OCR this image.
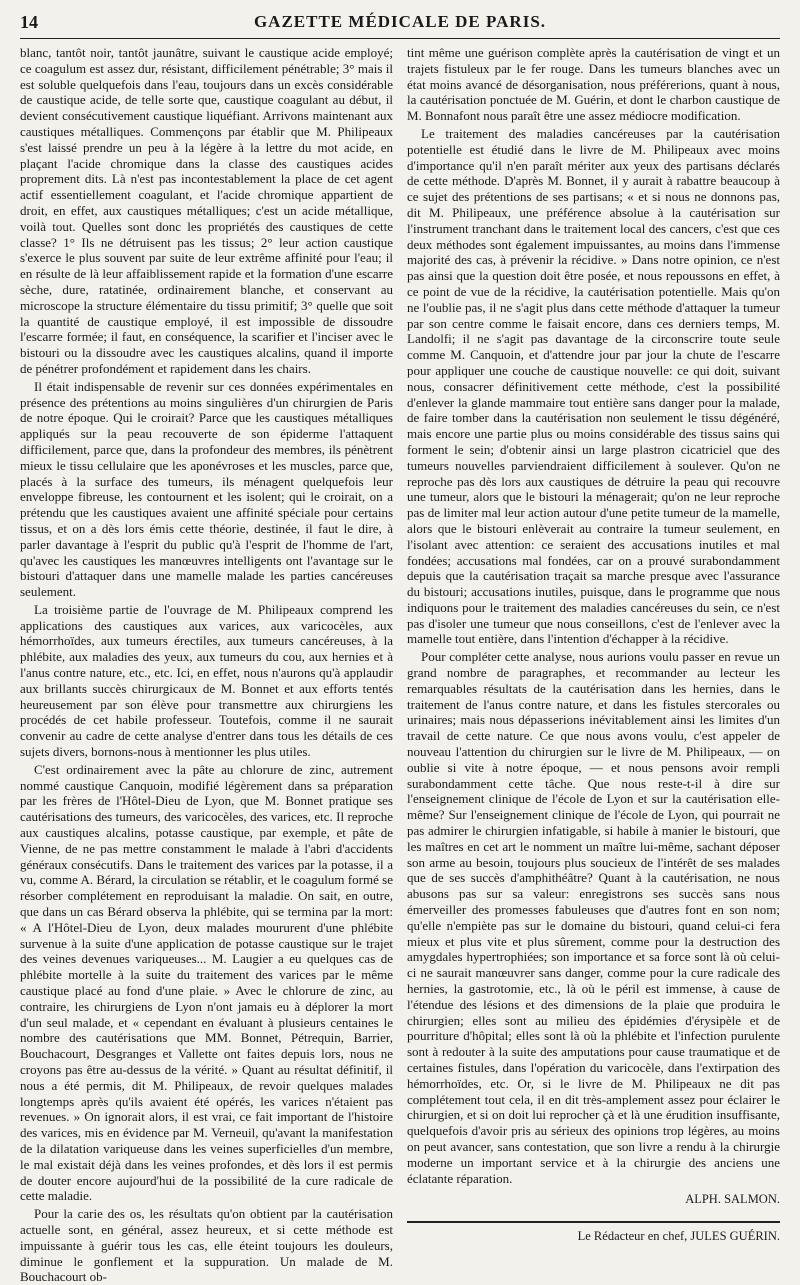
14	GAZETTE MÉDICALE DE PARIS.

blanc, tantôt noir, tantôt jaunâtre, suivant le caustique acide employé; ce coagulum est assez dur, résistant, difficilement pénétrable; 3° mais il est soluble quelquefois dans l'eau, toujours dans un excès considérable de caustique acide, de telle sorte que, caustique coagulant au début, il devient consécutivement caustique liquéfiant. Arrivons maintenant aux caustiques métalliques. Commençons par établir que M. Philipeaux s'est laissé prendre un peu à la légère à la lettre du mot acide, en plaçant l'acide chromique dans la classe des caustiques acides proprement dits. Là n'est pas incontestablement la place de cet agent actif essentiellement coagulant, et l'acide chromique appartient de droit, en effet, aux caustiques métalliques; c'est un acide métallique, voilà tout. Quelles sont donc les propriétés des caustiques de cette classe? 1° Ils ne détruisent pas les tissus; 2° leur action caustique s'exerce le plus souvent par suite de leur extrême affinité pour l'eau; il en résulte de là leur affaiblissement rapide et la formation d'une escarre sèche, dure, ratatinée, ordinairement blanche, et conservant au microscope la structure élémentaire du tissu primitif; 3° quelle que soit la quantité de caustique employé, il est impossible de dissoudre l'escarre formée; il faut, en conséquence, la scarifier et l'inciser avec le bistouri ou la dissoudre avec les caustiques alcalins, quand il importe de pénétrer profondément et rapidement dans les chairs.

Il était indispensable de revenir sur ces données expérimentales en présence des prétentions au moins singulières d'un chirurgien de Paris de notre époque. Qui le croirait? Parce que les caustiques métalliques appliqués sur la peau recouverte de son épiderme l'attaquent difficilement, parce que, dans la profondeur des membres, ils pénètrent mieux le tissu cellulaire que les aponévroses et les muscles, parce que, placés à la surface des tumeurs, ils ménagent quelquefois leur enveloppe fibreuse, les contournent et les isolent; qui le croirait, on a prétendu que les caustiques avaient une affinité spéciale pour certains tissus, et on a dès lors émis cette théorie, destinée, il faut le dire, à parler davantage à l'esprit du public qu'à l'esprit de l'homme de l'art, qu'avec les caustiques les manœuvres intelligents ont l'avantage sur le bistouri d'attaquer dans une mamelle malade les parties cancéreuses seulement.

La troisième partie de l'ouvrage de M. Philipeaux comprend les applications des caustiques aux varices, aux varicocèles, aux hémorrhoïdes, aux tumeurs érectiles, aux tumeurs cancéreuses, à la phlébite, aux maladies des yeux, aux tumeurs du cou, aux hernies et à l'anus contre nature, etc., etc. Ici, en effet, nous n'aurons qu'à applaudir aux brillants succès chirurgicaux de M. Bonnet et aux efforts tentés heureusement par son élève pour transmettre aux chirurgiens les procédés de cet habile professeur. Toutefois, comme il ne saurait convenir au cadre de cette analyse d'entrer dans tous les détails de ces sujets divers, bornons-nous à mentionner les plus utiles.

C'est ordinairement avec la pâte au chlorure de zinc, autrement nommé caustique Canquoin, modifié légèrement dans sa préparation par les frères de l'Hôtel-Dieu de Lyon, que M. Bonnet pratique ses cautérisations des tumeurs, des varicocèles, des varices, etc. Il reproche aux caustiques alcalins, potasse caustique, par exemple, et pâte de Vienne, de ne pas mettre constamment le malade à l'abri d'accidents généraux consécutifs. Dans le traitement des varices par la potasse, il a vu, comme A. Bérard, la circulation se rétablir, et le coagulum formé se résorber complétement en reproduisant la maladie. On sait, en outre, que dans un cas Bérard observa la phlébite, qui se termina par la mort: « A l'Hôtel-Dieu de Lyon, deux malades moururent d'une phlébite survenue à la suite d'une application de potasse caustique sur le trajet des veines devenues variqueuses... M. Laugier a eu quelques cas de phlébite mortelle à la suite du traitement des varices par le même caustique placé au fond d'une plaie. » Avec le chlorure de zinc, au contraire, les chirurgiens de Lyon n'ont jamais eu à déplorer la mort d'un seul malade, et « cependant en évaluant à plusieurs centaines le nombre des cautérisations que MM. Bonnet, Pétrequin, Barrier, Bouchacourt, Desgranges et Vallette ont faites depuis lors, nous ne croyons pas être au-dessus de la vérité. » Quant au résultat définitif, il nous a été permis, dit M. Philipeaux, de revoir quelques malades longtemps après qu'ils avaient été opérés, les varices n'étaient pas revenues. » On ignorait alors, il est vrai, ce fait important de l'histoire des varices, mis en évidence par M. Verneuil, qu'avant la manifestation de la dilatation variqueuse dans les veines superficielles d'un membre, le mal existait déjà dans les veines profondes, et dès lors il est permis de douter encore aujourd'hui de la possibilité de la cure radicale de cette maladie.

Pour la carie des os, les résultats qu'on obtient par la cautérisation actuelle sont, en général, assez heureux, et si cette méthode est impuissante à guérir tous les cas, elle éteint toujours les douleurs, diminue le gonflement et la suppuration. Un malade de M. Bouchacourt ob-

tint même une guérison complète après la cautérisation de vingt et un trajets fistuleux par le fer rouge. Dans les tumeurs blanches avec un état moins avancé de désorganisation, nous préférerions, quant à nous, la cautérisation ponctuée de M. Guérin, et dont le charbon caustique de M. Bonnafont nous paraît être une assez médiocre modification.

Le traitement des maladies cancéreuses par la cautérisation potentielle est étudié dans le livre de M. Philipeaux avec moins d'importance qu'il n'en paraît mériter aux yeux des partisans déclarés de cette méthode. D'après M. Bonnet, il y aurait à rabattre beaucoup à ce sujet des prétentions de ses partisans; « et si nous ne donnons pas, dit M. Philipeaux, une préférence absolue à la cautérisation sur l'instrument tranchant dans le traitement local des cancers, c'est que ces deux méthodes sont également impuissantes, au moins dans l'immense majorité des cas, à prévenir la récidive. » Dans notre opinion, ce n'est pas ainsi que la question doit être posée, et nous repoussons en effet, à ce point de vue de la récidive, la cautérisation potentielle. Mais qu'on ne l'oublie pas, il ne s'agit plus dans cette méthode d'attaquer la tumeur par son centre comme le faisait encore, dans ces derniers temps, M. Landolfi; il ne s'agit pas davantage de la circonscrire toute seule comme M. Canquoin, et d'attendre jour par jour la chute de l'escarre pour appliquer une couche de caustique nouvelle: ce qui doit, suivant nous, consacrer définitivement cette méthode, c'est la possibilité d'enlever la glande mammaire tout entière sans danger pour la malade, de faire tomber dans la cautérisation non seulement le tissu dégénéré, mais encore une partie plus ou moins considérable des tissus sains qui forment le sein; d'obtenir ainsi un large plastron cicatriciel que des tumeurs nouvelles parviendraient difficilement à soulever. Qu'on ne reproche pas dès lors aux caustiques de détruire la peau qui recouvre une tumeur, alors que le bistouri la ménagerait; qu'on ne leur reproche pas de limiter mal leur action autour d'une petite tumeur de la mamelle, alors que le bistouri enlèverait au contraire la tumeur seulement, en l'isolant avec attention: ce seraient des accusations inutiles et mal fondées; accusations mal fondées, car on a prouvé surabondamment depuis que la cautérisation traçait sa marche presque avec l'assurance du bistouri; accusations inutiles, puisque, dans le programme que nous indiquons pour le traitement des maladies cancéreuses du sein, ce n'est pas d'isoler une tumeur que nous conseillons, c'est de l'enlever avec la mamelle tout entière, dans l'intention d'échapper à la récidive.

Pour compléter cette analyse, nous aurions voulu passer en revue un grand nombre de paragraphes, et recommander au lecteur les remarquables résultats de la cautérisation dans les hernies, dans le traitement de l'anus contre nature, et dans les fistules stercorales ou urinaires; mais nous dépasserions inévitablement ainsi les limites d'un travail de cette nature. Ce que nous avons voulu, c'est appeler de nouveau l'attention du chirurgien sur le livre de M. Philipeaux, — on oublie si vite à notre époque, — et nous pensons avoir rempli surabondamment cette tâche. Que nous reste-t-il à dire sur l'enseignement clinique de l'école de Lyon et sur la cautérisation elle-même? Sur l'enseignement clinique de l'école de Lyon, qui pourrait ne pas admirer le chirurgien infatigable, si habile à manier le bistouri, que les maîtres en cet art le nomment un maître lui-même, sachant déposer son arme au besoin, toujours plus soucieux de l'intérêt de ses malades que de ses succès d'amphithéâtre? Quant à la cautérisation, ne nous abusons pas sur sa valeur: enregistrons ses succès sans nous émerveiller des promesses fabuleuses que d'autres font en son nom; qu'elle n'empiète pas sur le domaine du bistouri, quand celui-ci fera mieux et plus vite et plus sûrement, comme pour la destruction des amygdales hypertrophiées; son importance et sa force sont là où celui-ci ne saurait manœuvrer sans danger, comme pour la cure radicale des hernies, la gastrotomie, etc., là où le péril est immense, à cause de l'étendue des lésions et des dimensions de la plaie que produira le chirurgien; elles sont au milieu des épidémies d'érysipèle et de pourriture d'hôpital; elles sont là où la phlébite et l'infection purulente sont à redouter à la suite des amputations pour cause traumatique et de certaines fistules, dans l'opération du varicocèle, dans l'extirpation des hémorrhoïdes, etc. Or, si le livre de M. Philipeaux ne dit pas complétement tout cela, il en dit très-amplement assez pour éclairer le chirurgien, et si on doit lui reprocher çà et là une érudition insuffisante, quelquefois d'avoir pris au sérieux des opinions trop légères, au moins on peut avancer, sans contestation, que son livre a rendu à la chirurgie moderne un important service et à la chirurgie des anciens une éclatante réparation.

ALPH. SALMON.
Le Rédacteur en chef, JULES GUÉRIN.
